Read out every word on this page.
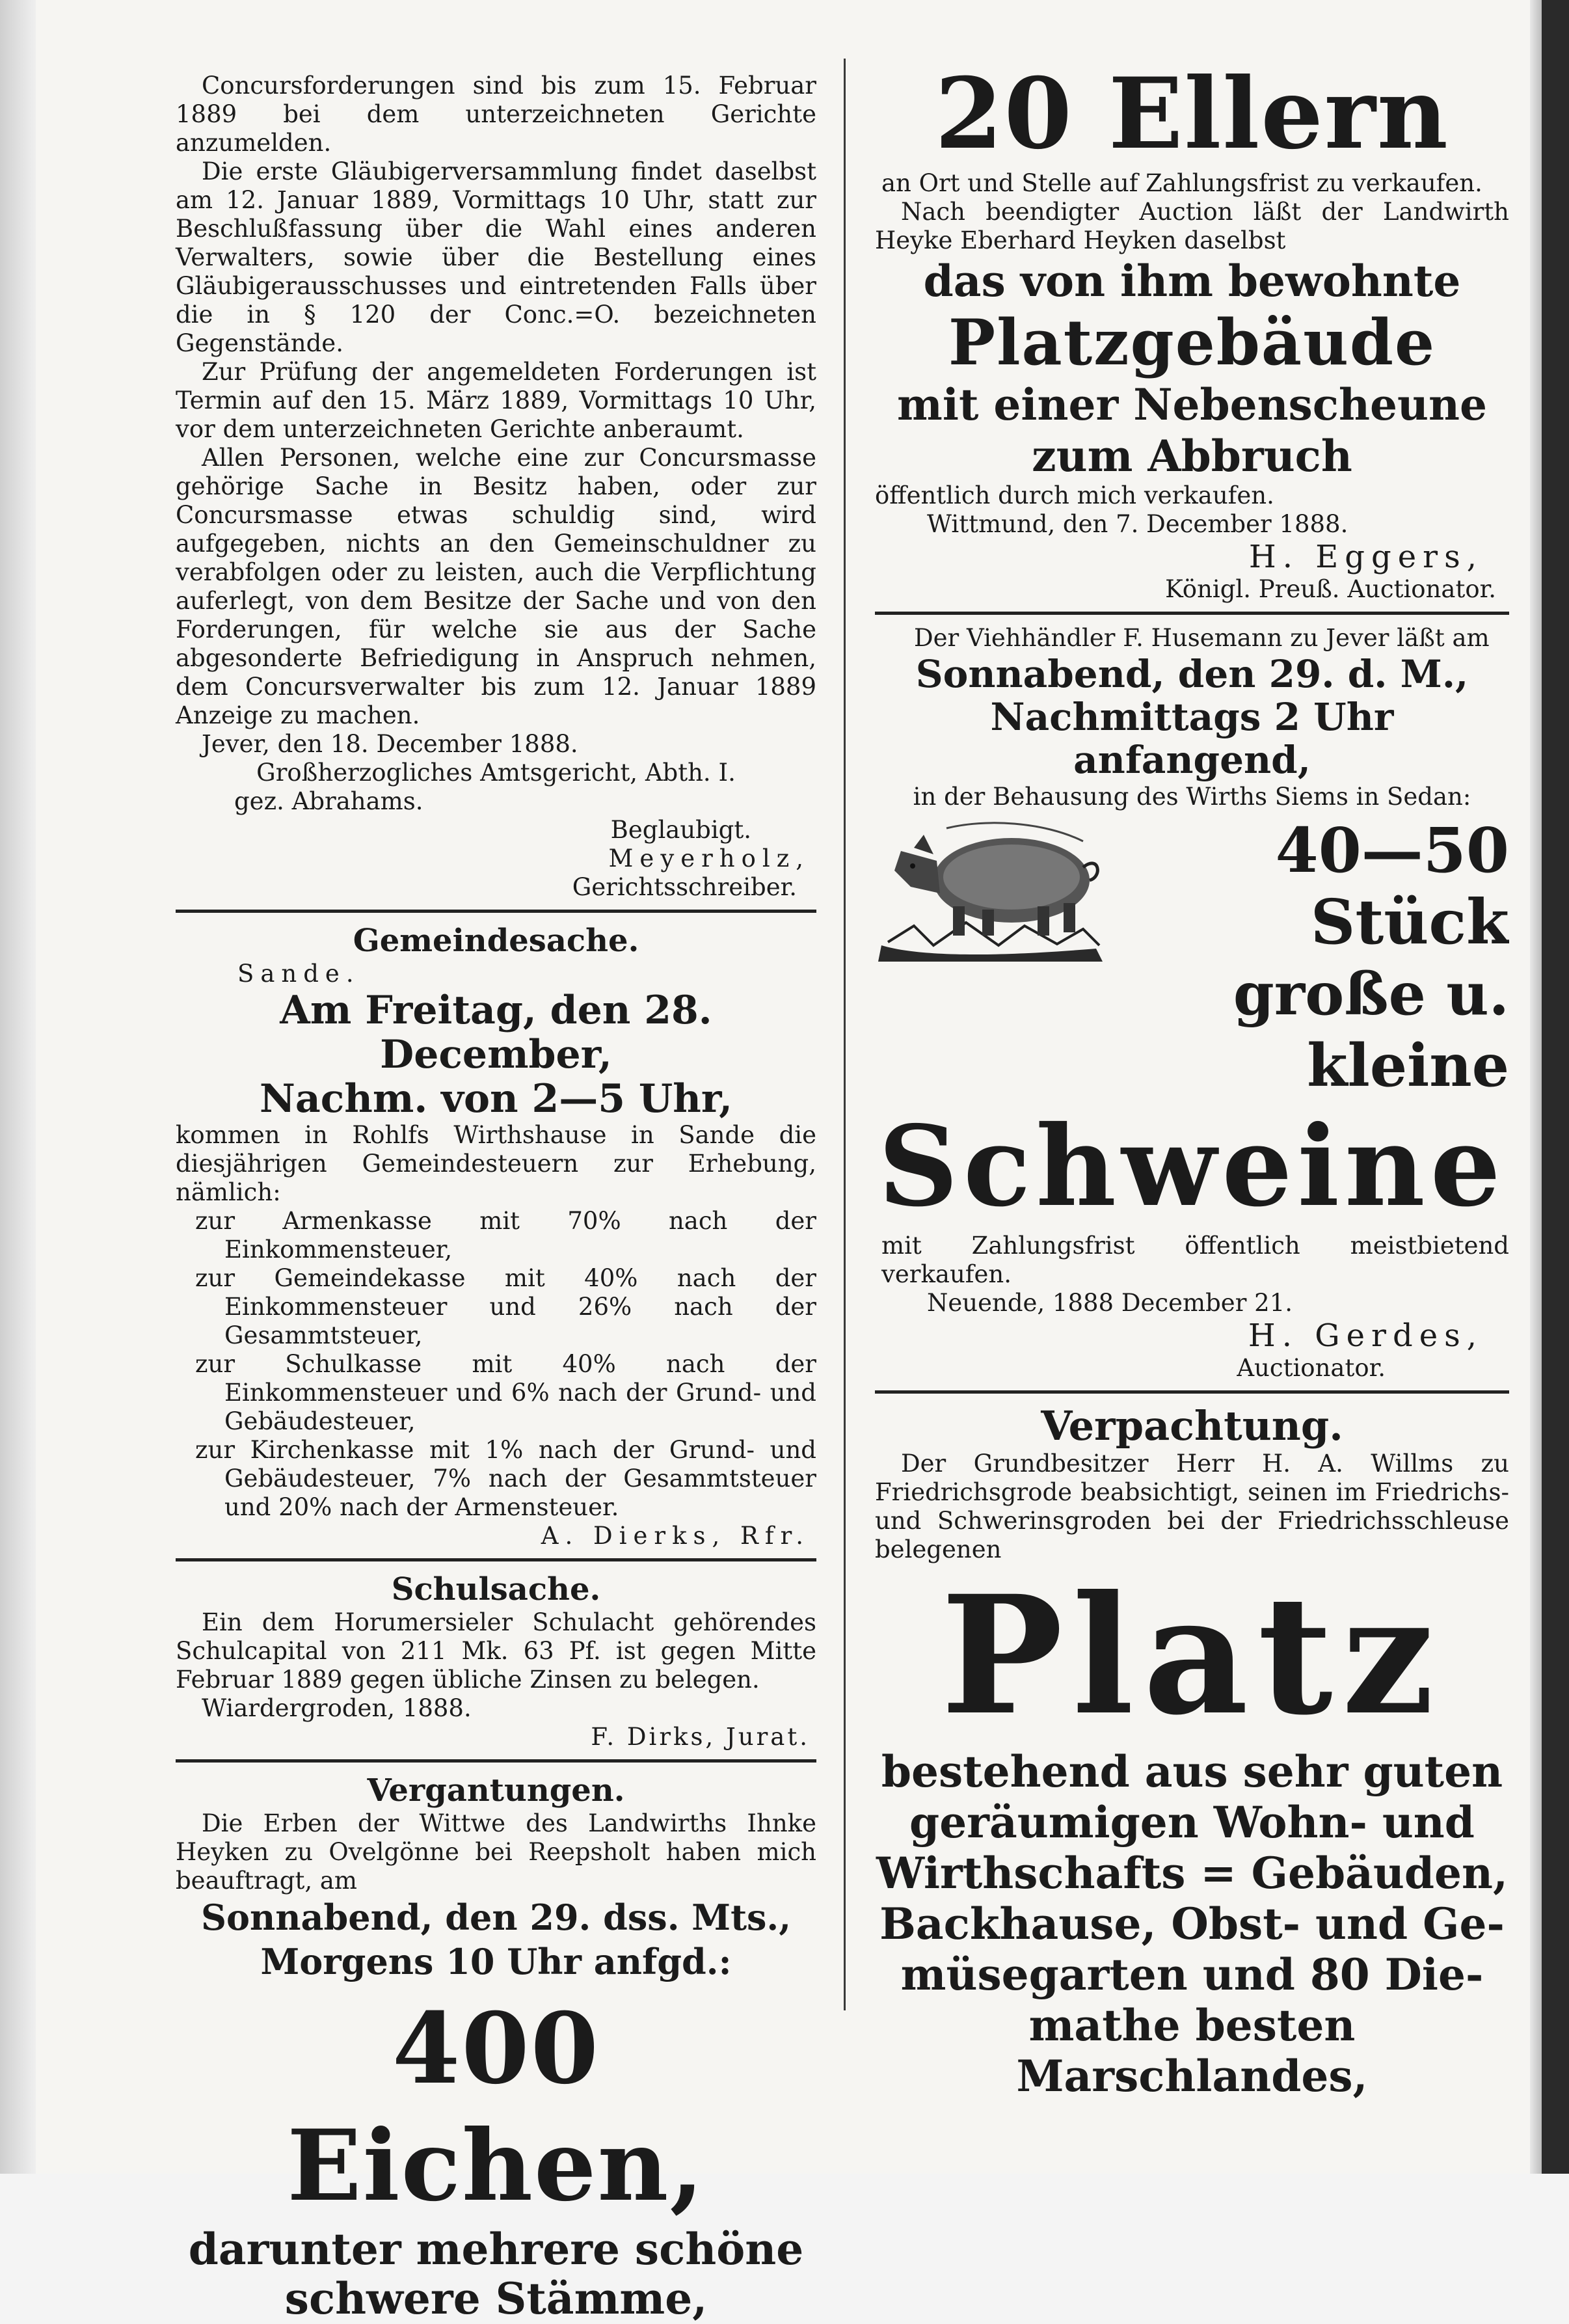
Concursforderungen sind bis zum 15. Februar 1889 bei dem unterzeichneten Gerichte anzumelden.

Die erste Gläubigerversammlung findet daselbst am 12. Januar 1889, Vormittags 10 Uhr, statt zur Beschlußfassung über die Wahl eines anderen Verwalters, sowie über die Bestellung eines Gläubigerausschusses und eintretenden Falls über die in § 120 der Conc.=O. bezeichneten Gegenstände.

Zur Prüfung der angemeldeten Forderungen ist Termin auf den 15. März 1889, Vormittags 10 Uhr, vor dem unterzeichneten Gerichte anberaumt.

Allen Personen, welche eine zur Concursmasse gehörige Sache in Besitz haben, oder zur Concursmasse etwas schuldig sind, wird aufgegeben, nichts an den Gemeinschuldner zu verabfolgen oder zu leisten, auch die Verpflichtung auferlegt, von dem Besitze der Sache und von den Forderungen, für welche sie aus der Sache abgesonderte Befriedigung in Anspruch nehmen, dem Concursverwalter bis zum 12. Januar 1889 Anzeige zu machen.

Jever, den 18. December 1888.

Großherzogliches Amtsgericht, Abth. I.

gez. Abrahams.

Beglaubigt.

Meyerholz,

Gerichtsschreiber.

Gemeindesache.

Sande.

Am Freitag, den 28. December,

Nachm. von 2—5 Uhr,

kommen in Rohlfs Wirthshause in Sande die diesjährigen Gemeindesteuern zur Erhebung, nämlich:

zur Armenkasse mit 70% nach der Einkommensteuer,
zur Gemeindekasse mit 40% nach der Einkommensteuer und 26% nach der Gesammtsteuer,
zur Schulkasse mit 40% nach der Einkommensteuer und 6% nach der Grund- und Gebäudesteuer,
zur Kirchenkasse mit 1% nach der Grund- und Gebäudesteuer, 7% nach der Gesammtsteuer und 20% nach der Armensteuer.

A. Dierks, Rfr.

Schulsache.

Ein dem Horumersieler Schulacht gehörendes Schulcapital von 211 Mk. 63 Pf. ist gegen Mitte Februar 1889 gegen übliche Zinsen zu belegen.

Wiardergroden, 1888.

F. Dirks, Jurat.

Vergantungen.

Die Erben der Wittwe des Landwirths Ihnke Heyken zu Ovelgönne bei Reepsholt haben mich beauftragt, am

Sonnabend, den 29. dss. Mts.,

Morgens 10 Uhr anfgd.:

400 Eichen,

darunter mehrere schöne

schwere Stämme,

20 Ellern

an Ort und Stelle auf Zahlungsfrist zu verkaufen.

Nach beendigter Auction läßt der Landwirth Heyke Eberhard Heyken daselbst

das von ihm bewohnte

Platzgebäude

mit einer Nebenscheune

zum Abbruch

öffentlich durch mich verkaufen.

Wittmund, den 7. December 1888.

H. Eggers,

Königl. Preuß. Auctionator.

Der Viehhändler F. Husemann zu Jever läßt am

Sonnabend, den 29. d. M.,

Nachmittags 2 Uhr anfangend,

in der Behausung des Wirths Siems in Sedan:

40—50 Stück

große u. kleine

Schweine

mit Zahlungsfrist öffentlich meistbietend verkaufen.

Neuende, 1888 December 21.

H. Gerdes,

Auctionator.

Verpachtung.

Der Grundbesitzer Herr H. A. Willms zu Friedrichsgrode beabsichtigt, seinen im Friedrichs- und Schwerinsgroden bei der Friedrichsschleuse belegenen

Platz

bestehend aus sehr guten

geräumigen Wohn- und

Wirthschafts = Gebäuden,

Backhause, Obst- und Ge-

müsegarten und 80 Die-

mathe besten Marschlandes,
